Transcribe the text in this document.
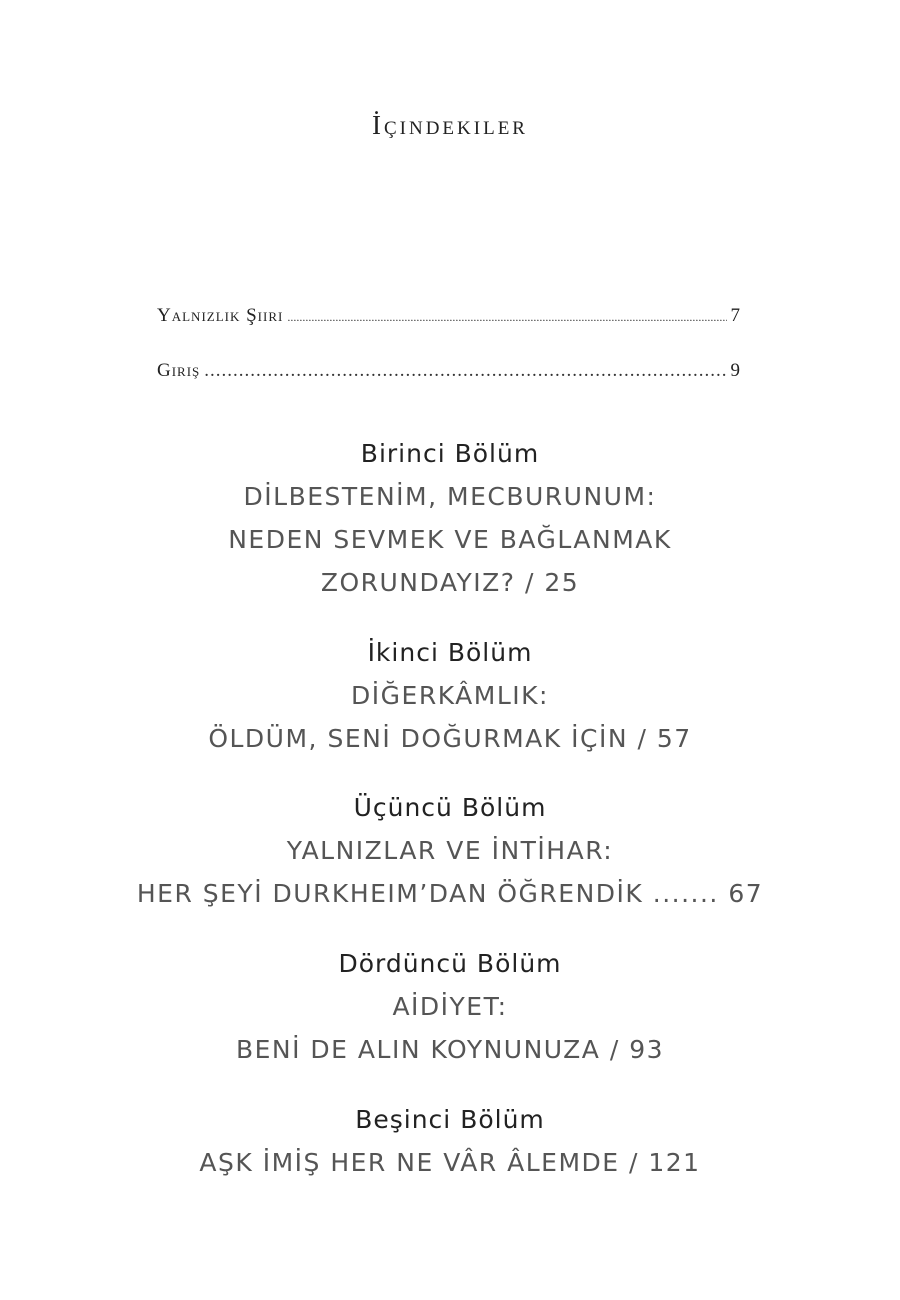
İçindekiler
Yalnızlık Şiiri .....	7
Giriş .....	9
Birinci Bölüm
DİLBESTENİM, MECBURUNUM:
NEDEN SEVMEK VE BAĞLANMAK
ZORUNDAYIZ? / 25
İkinci Bölüm
DİĞERKÂMLIK:
ÖLDÜM, SENİ DOĞURMAK İÇİN / 57
Üçüncü Bölüm
YALNIZLAR VE İNTİHAR:
HER ŞEYİ DURKHEIM’DAN ÖĞRENDİK ....... 67
Dördüncü Bölüm
AİDİYET:
BENİ DE ALIN KOYNUNUZA / 93
Beşinci Bölüm
AŞK İMİŞ HER NE VÂR ÂLEMDE / 121
